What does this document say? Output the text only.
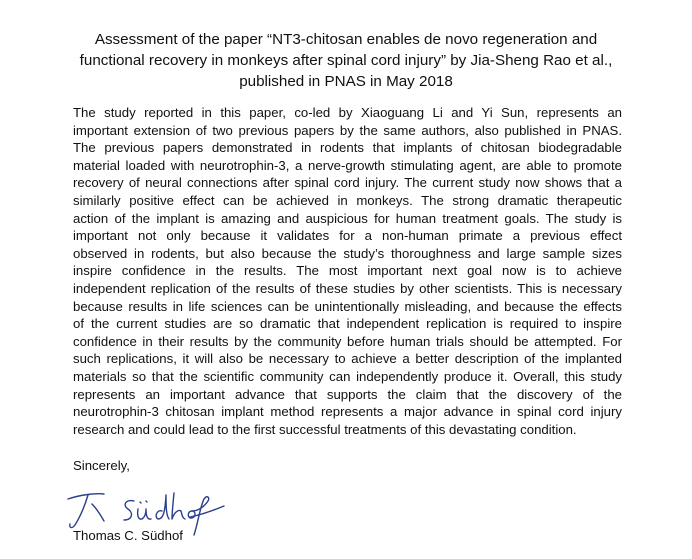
Assessment of the paper “NT3-chitosan enables de novo regeneration and
functional recovery in monkeys after spinal cord injury” by Jia-Sheng Rao et al.,
published in PNAS in May 2018
The study reported in this paper, co-led by Xiaoguang Li and Yi Sun, represents an
important extension of two previous papers by the same authors, also published in PNAS.
The previous papers demonstrated in rodents that implants of chitosan biodegradable
material loaded with neurotrophin-3, a nerve-growth stimulating agent, are able to promote
recovery of neural connections after spinal cord injury. The current study now shows that a
similarly positive effect can be achieved in monkeys. The strong dramatic therapeutic
action of the implant is amazing and auspicious for human treatment goals. The study is
important not only because it validates for a non-human primate a previous effect
observed in rodents, but also because the study’s thoroughness and large sample sizes
inspire confidence in the results. The most important next goal now is to achieve
independent replication of the results of these studies by other scientists. This is necessary
because results in life sciences can be unintentionally misleading, and because the effects
of the current studies are so dramatic that independent replication is required to inspire
confidence in their results by the community before human trials should be attempted. For
such replications, it will also be necessary to achieve a better description of the implanted
materials so that the scientific community can independently produce it. Overall, this study
represents an important advance that supports the claim that the discovery of the
neurotrophin-3 chitosan implant method represents a major advance in spinal cord injury
research and could lead to the first successful treatments of this devastating condition.
Sincerely,
Thomas C. Südhof
